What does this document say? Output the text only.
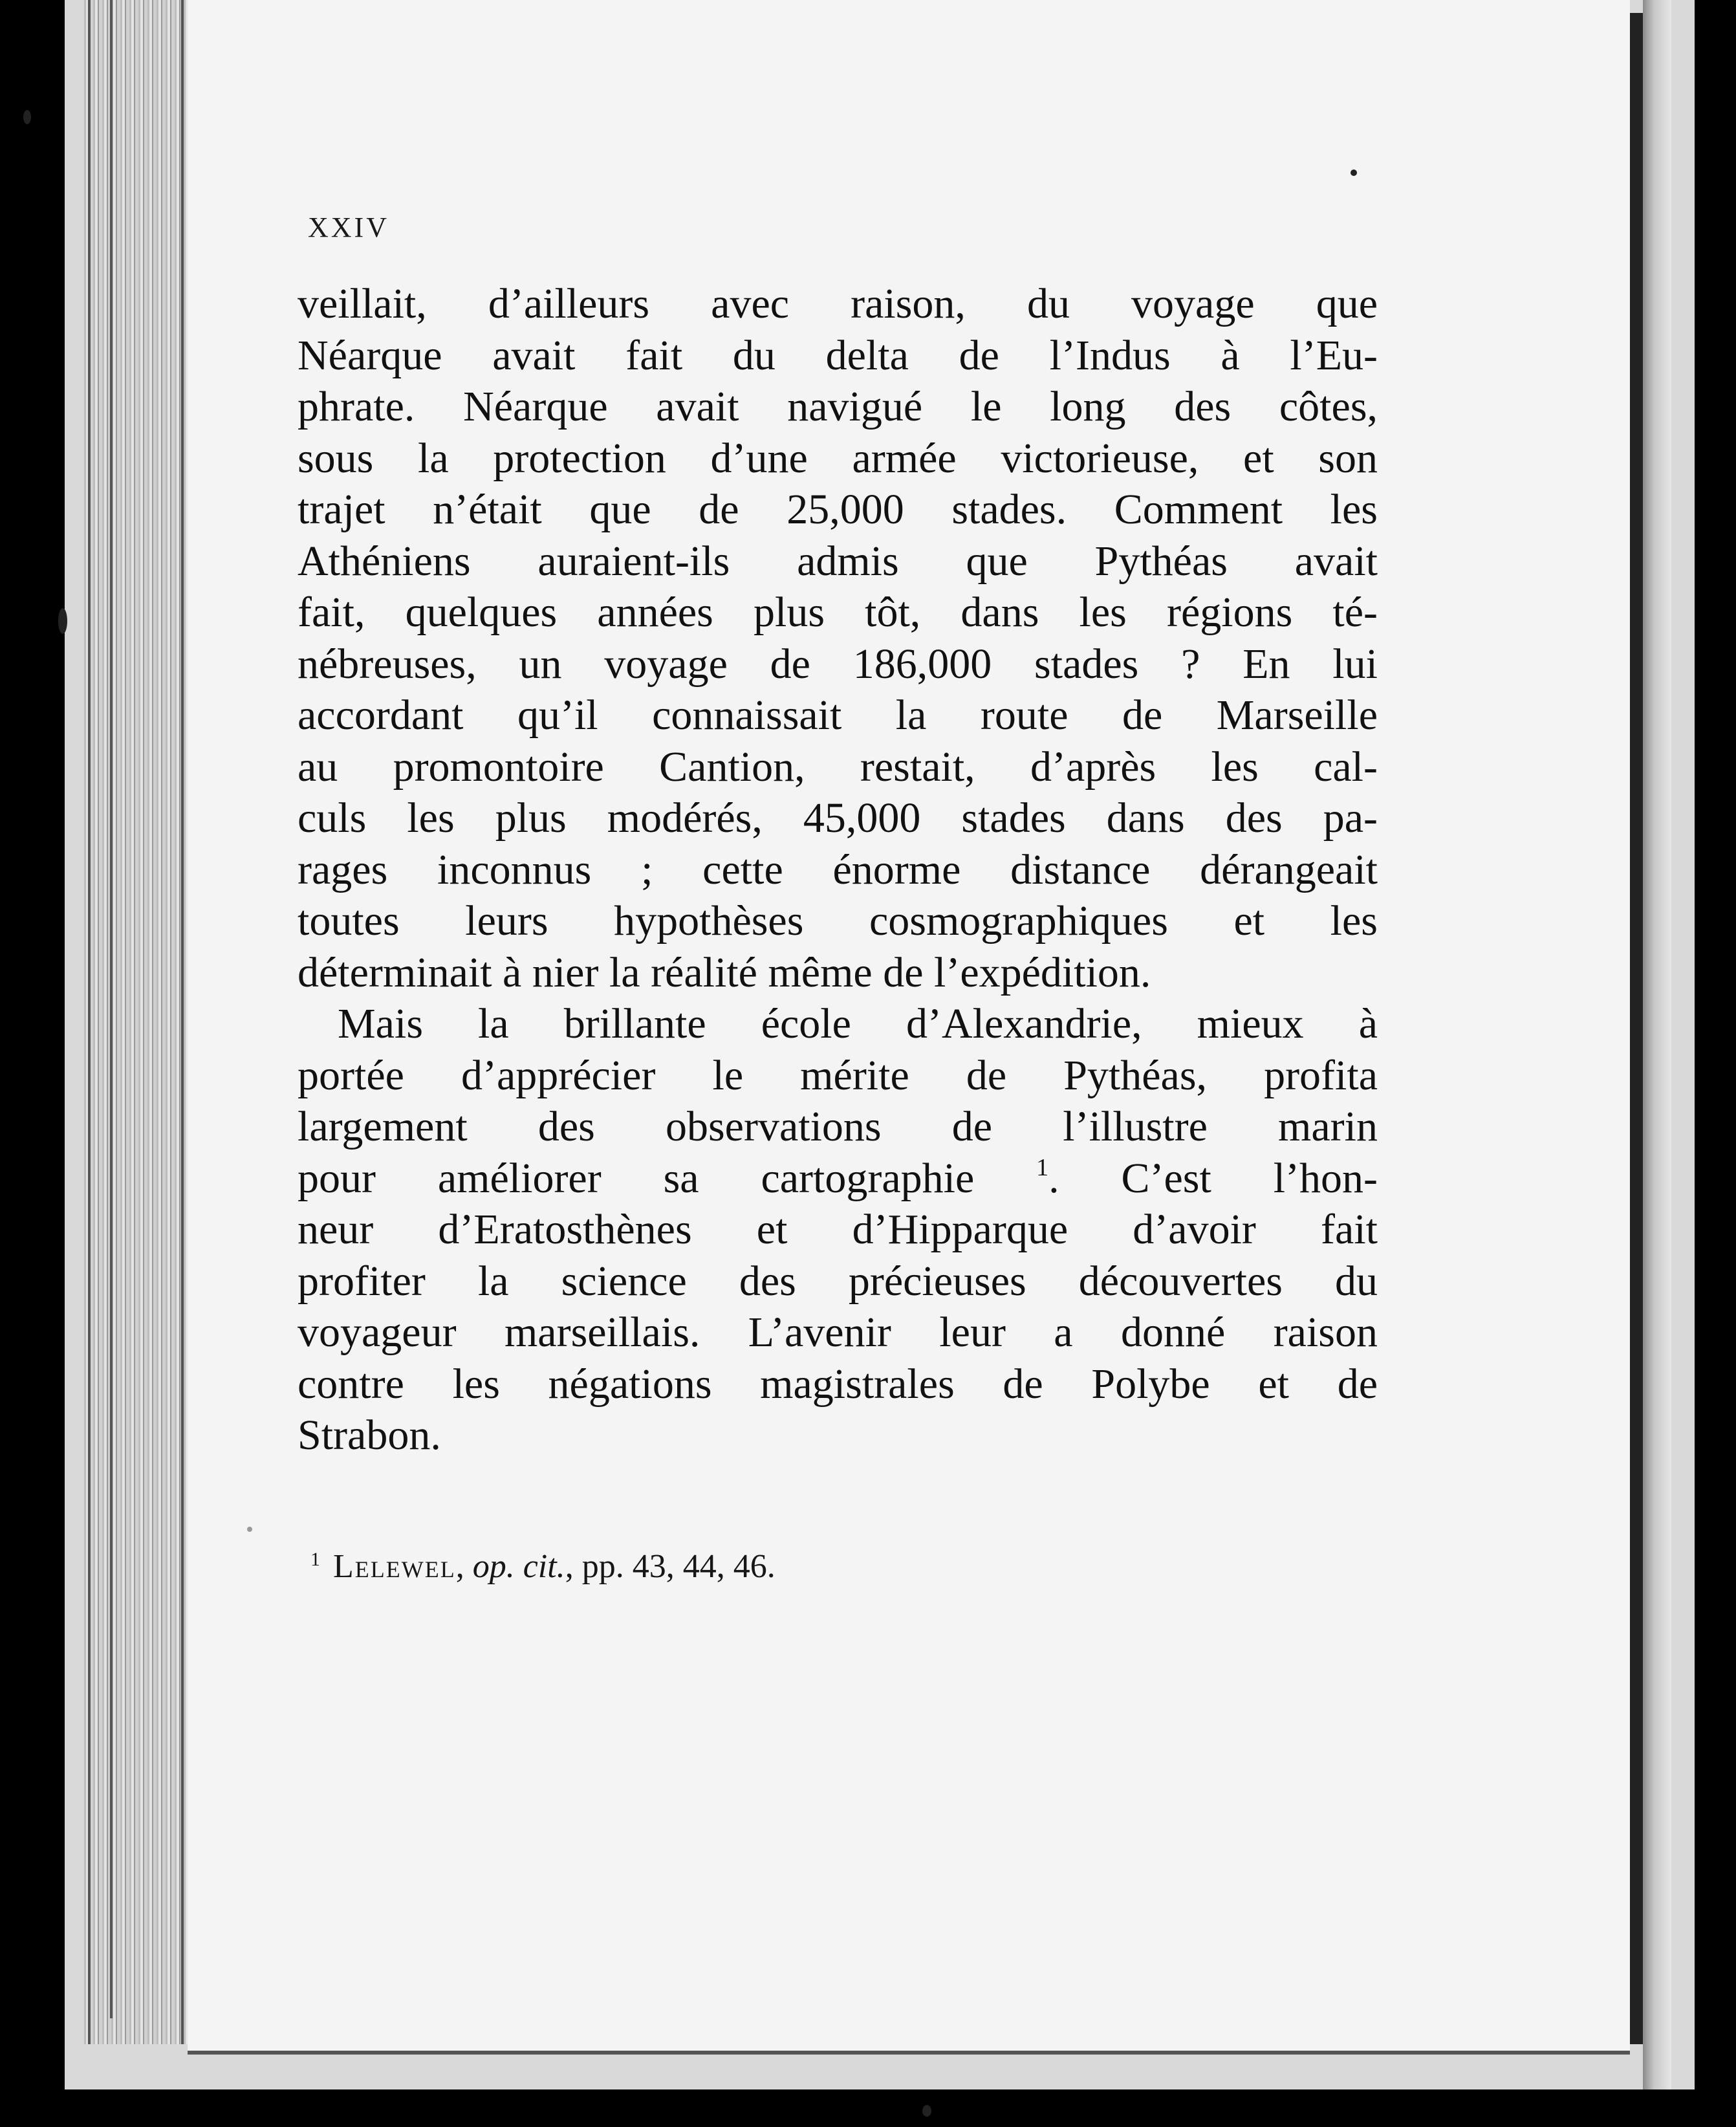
XXIV
veillait, d’ailleurs avec raison, du voyage que
Néarque avait fait du delta de l’Indus à l’Eu-
phrate. Néarque avait navigué le long des côtes,
sous la protection d’une armée victorieuse, et son
trajet n’était que de 25,000 stades. Comment les
Athéniens auraient-ils admis que Pythéas avait
fait, quelques années plus tôt, dans les régions té-
nébreuses, un voyage de 186,000 stades ? En lui
accordant qu’il connaissait la route de Marseille
au promontoire Cantion, restait, d’après les cal-
culs les plus modérés, 45,000 stades dans des pa-
rages inconnus ; cette énorme distance dérangeait
toutes leurs hypothèses cosmographiques et les
déterminait à nier la réalité même de l’expédition.
Mais la brillante école d’Alexandrie, mieux à
portée d’apprécier le mérite de Pythéas, profita
largement des observations de l’illustre marin
pour améliorer sa cartographie	$^1$. C’est l’hon-
neur d’Eratosthènes et d’Hipparque d’avoir fait
profiter la science des précieuses découvertes du
voyageur marseillais. L’avenir leur a donné raison
contre les négations magistrales de Polybe et de
Strabon.
$^1$ Lelewel, op. cit., pp. 43, 44, 46.
